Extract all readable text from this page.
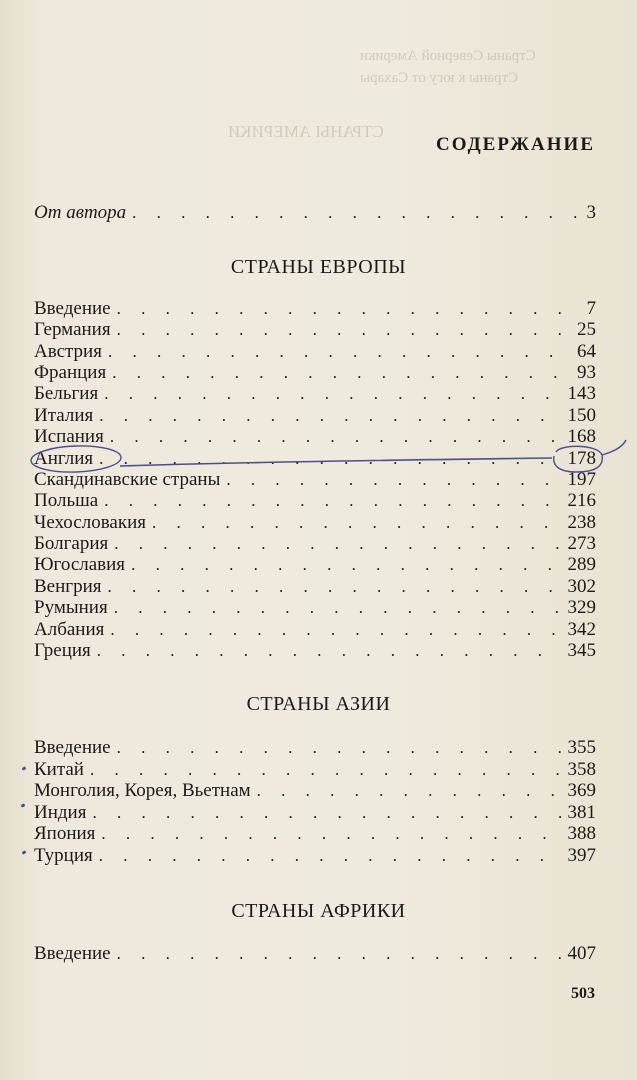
Страны Северной Америки
Страны к югу от Сахары
СТРАНЫ АМЕРИКИ
СОДЕРЖАНИЕ
От автора . . .	3
СТРАНЫ ЕВРОПЫ
Введение . . .	7
Германия . . .	25
Австрия . . .	64
Франция . . .	93
Бельгия . . .	143
Италия . . .	150
Испания . . .	168
Англия . . .	178
Скандинавские страны . . .	197
Польша . . .	216
Чехословакия . . .	238
Болгария . . .	273
Югославия . . .	289
Венгрия . . .	302
Румыния . . .	329
Албания . . .	342
Греция . . .	345
СТРАНЫ АЗИИ
Введение . . .	355
Китай . . .	358
Монголия, Корея, Вьетнам . . .	369
Индия . . .	381
Япония . . .	388
Турция . . .	397
СТРАНЫ АФРИКИ
Введение . . .	407
503
